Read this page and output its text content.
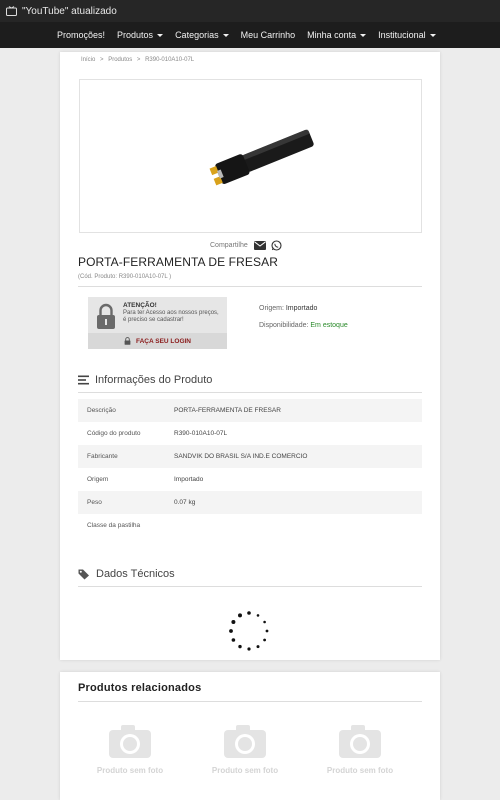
"YouTube" atualizado
Promoções! Produtos Categorias Meu Carrinho Minha conta Institucional
Início > Produtos > R390-010A10-07L
Compartilhe
PORTA-FERRAMENTA DE FRESAR
(Cód. Produto: R390-010A10-07L )
ATENÇÃO!
Para ter Acesso aos nossos preços, é preciso se cadastrar!
FAÇA SEU LOGIN
Origem: Importado
Disponibilidade: Em estoque
Informações do Produto
Descrição	PORTA-FERRAMENTA DE FRESAR
Código do produto	R390-010A10-07L
Fabricante	SANDVIK DO BRASIL S/A IND.E COMERCIO
Origem	Importado
Peso	0.07 kg
Classe da pastilha
Dados Técnicos
Produtos relacionados
Produto sem foto	Produto sem foto	Produto sem foto
